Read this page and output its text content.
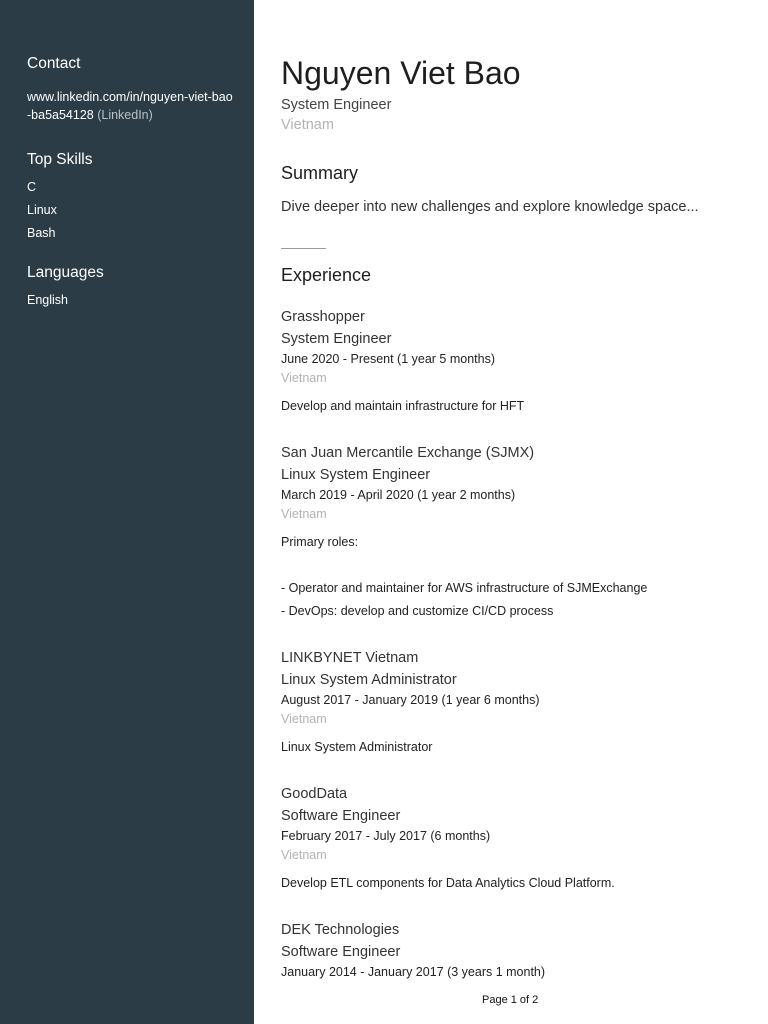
Contact
www.linkedin.com/in/nguyen-viet-bao-ba5a54128 (LinkedIn)
Top Skills
C
Linux
Bash
Languages
English
Nguyen Viet Bao
System Engineer
Vietnam
Summary
Dive deeper into new challenges and explore knowledge space...
Experience
Grasshopper
System Engineer
June 2020 - Present (1 year 5 months)
Vietnam
Develop and maintain infrastructure for HFT
San Juan Mercantile Exchange (SJMX)
Linux System Engineer
March 2019 - April 2020 (1 year 2 months)
Vietnam
Primary roles:
- Operator and maintainer for AWS infrastructure of SJMExchange
- DevOps: develop and customize CI/CD process
LINKBYNET Vietnam
Linux System Administrator
August 2017 - January 2019 (1 year 6 months)
Vietnam
Linux System Administrator
GoodData
Software Engineer
February 2017 - July 2017 (6 months)
Vietnam
Develop ETL components for Data Analytics Cloud Platform.
DEK Technologies
Software Engineer
January 2014 - January 2017 (3 years 1 month)
Page 1 of 2
